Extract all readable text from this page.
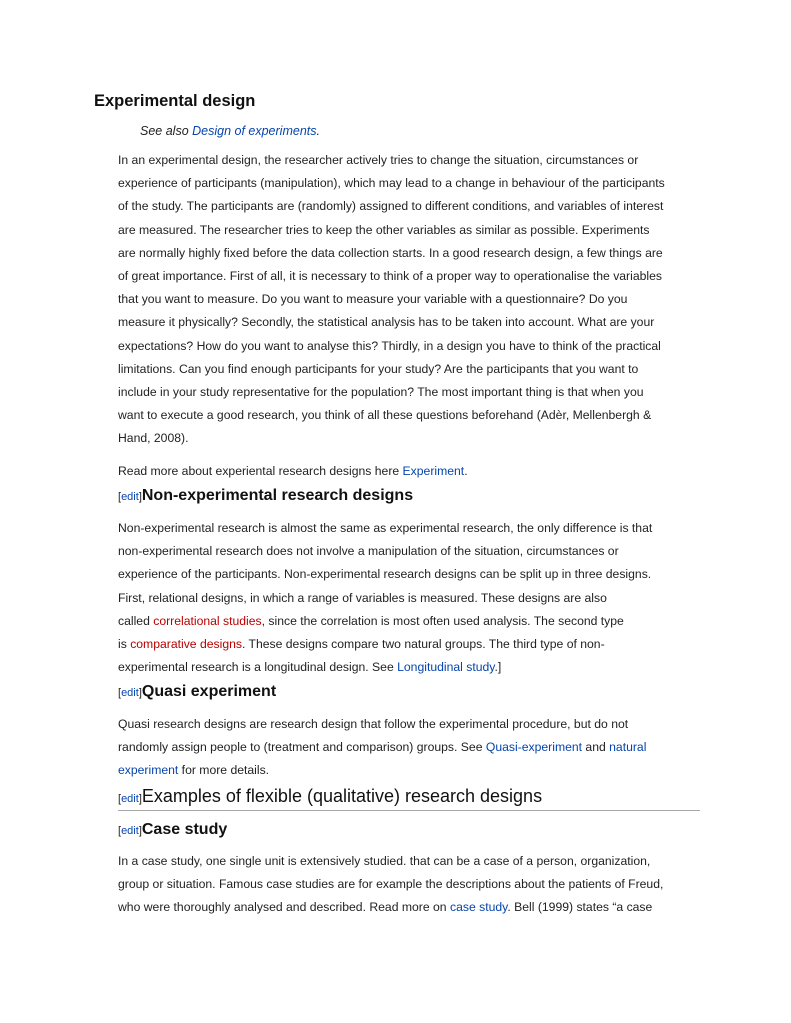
Experimental design

See also Design of experiments.

In an experimental design, the researcher actively tries to change the situation, circumstances or
experience of participants (manipulation), which may lead to a change in behaviour of the participants
of the study. The participants are (randomly) assigned to different conditions, and variables of interest
are measured. The researcher tries to keep the other variables as similar as possible. Experiments
are normally highly fixed before the data collection starts. In a good research design, a few things are
of great importance. First of all, it is necessary to think of a proper way to operationalise the variables
that you want to measure. Do you want to measure your variable with a questionnaire? Do you
measure it physically? Secondly, the statistical analysis has to be taken into account. What are your
expectations? How do you want to analyse this? Thirdly, in a design you have to think of the practical
limitations. Can you find enough participants for your study? Are the participants that you want to
include in your study representative for the population? The most important thing is that when you
want to execute a good research, you think of all these questions beforehand (Adèr, Mellenbergh &
Hand, 2008).
Read more about experiental research designs here Experiment.
[edit]Non-experimental research designs
Non-experimental research is almost the same as experimental research, the only difference is that
non-experimental research does not involve a manipulation of the situation, circumstances or
experience of the participants. Non-experimental research designs can be split up in three designs.
First, relational designs, in which a range of variables is measured. These designs are also
called correlational studies, since the correlation is most often used analysis. The second type
is comparative designs. These designs compare two natural groups. The third type of non-
experimental research is a longitudinal design. See Longitudinal study.]
[edit]Quasi experiment
Quasi research designs are research design that follow the experimental procedure, but do not
randomly assign people to (treatment and comparison) groups. See Quasi-experiment and natural
experiment for more details.
[edit]Examples of flexible (qualitative) research designs
[edit]Case study
In a case study, one single unit is extensively studied. that can be a case of a person, organization,
group or situation. Famous case studies are for example the descriptions about the patients of Freud,
who were thoroughly analysed and described. Read more on case study. Bell (1999) states “a case
